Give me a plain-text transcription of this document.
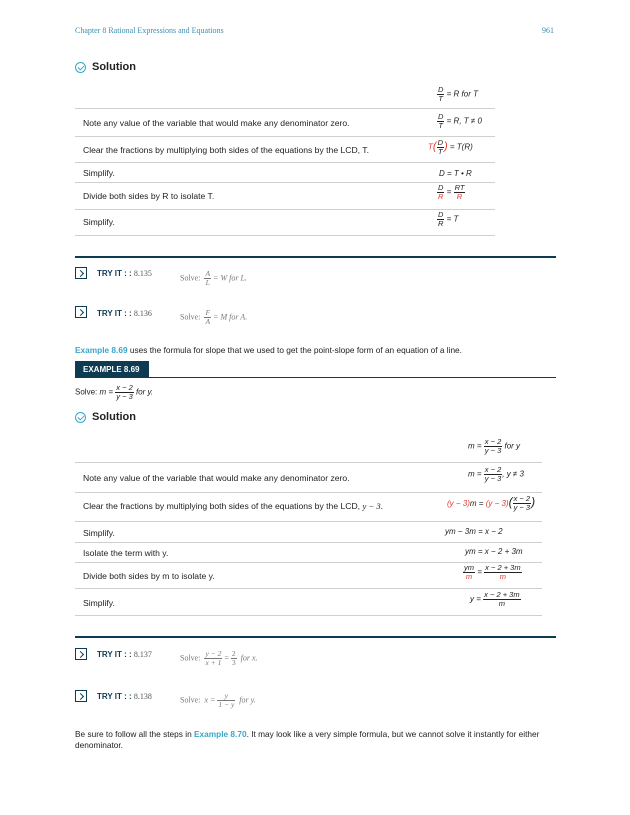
Chapter 8 Rational Expressions and Equations	961
Solution
$\frac{D}{T} = R$ for T
Note any value of the variable that would make any denominator zero.	$\frac{D}{T} = R$, T ≠ 0
Clear the fractions by multiplying both sides of the equations by the LCD, T.	$T( \frac{D}{T}$ ) = T(R)
Simplify.	D = T • R
Divide both sides by R to isolate T.	$\frac{D}{R} = \frac{RT}{R}$
Simplify.	$\frac{D}{R} = T$
TRY IT : : 8.135	Solve: $\frac{A}{L} = W$ for L.
TRY IT : : 8.136	Solve: $\frac{F}{A} = M$ for A.
Example 8.69 uses the formula for slope that we used to get the point-slope form of an equation of a line.
EXAMPLE 8.69
Solve: $m = \frac{x - 2}{y - 3}$ for y.
Solution
$m = \frac{x - 2}{y - 3}$ for y
Note any value of the variable that would make any denominator zero.	$m = \frac{x - 2}{y - 3}$ , y ≠ 3
Clear the fractions by multiplying both sides of the equations by the LCD, y − 3.	$(y - 3)m = (y - 3)( \frac{x - 2}{y - 3}$ )
Simplify.	ym − 3m = x − 2
Isolate the term with y.	ym = x − 2 + 3m
Divide both sides by m to isolate y.	$\frac{ym}{m} = \frac{x - 2 + 3m}{m}$
Simplify.	$y = \frac{x - 2 + 3m}{m}$
TRY IT : : 8.137	Solve: $\frac{y - 2}{x + 1} = \frac{2}{3}$ for x.
TRY IT : : 8.138	Solve: $x = \frac{y}{1 - y}$ for y.
Be sure to follow all the steps in Example 8.70. It may look like a very simple formula, but we cannot solve it instantly for either denominator.
